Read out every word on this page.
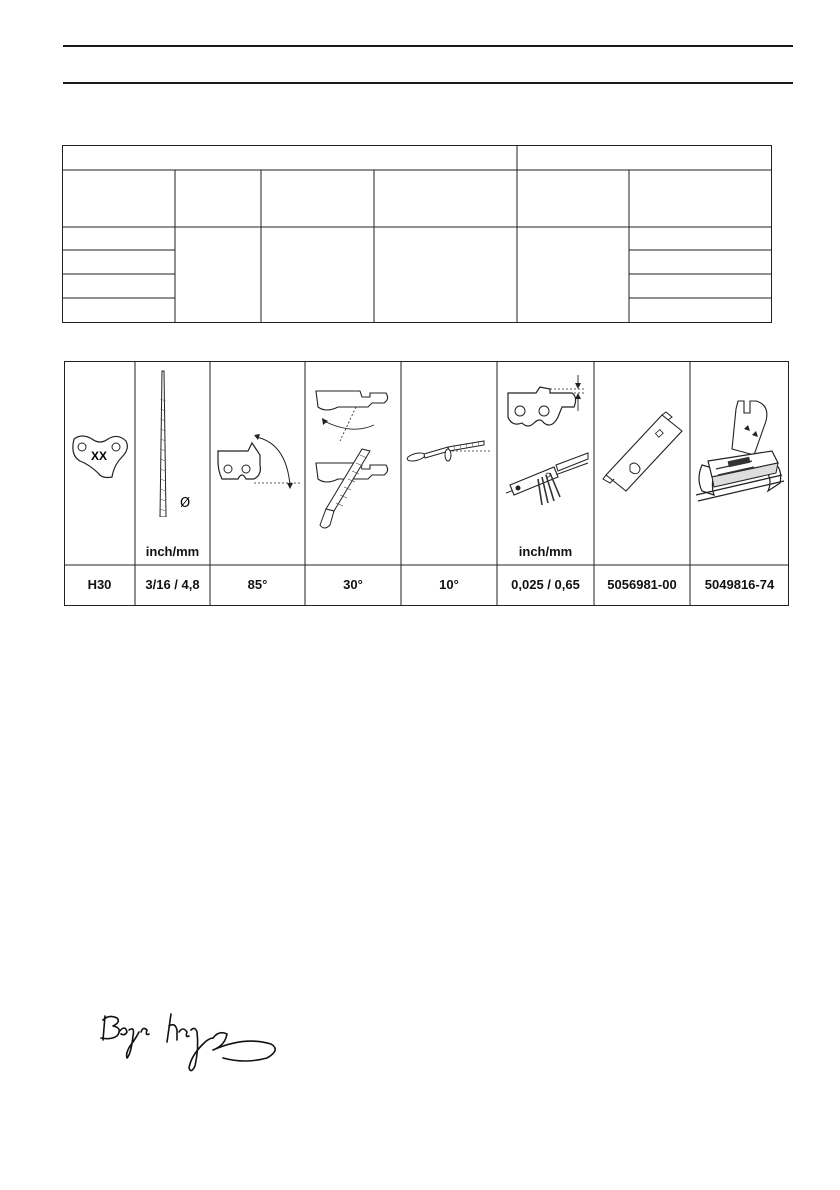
XX
Ø
inch/mm	inch/mm
H30	3/16 / 4,8	85°	30°	10°	0,025 / 0,65	5056981-00	5049816-74
